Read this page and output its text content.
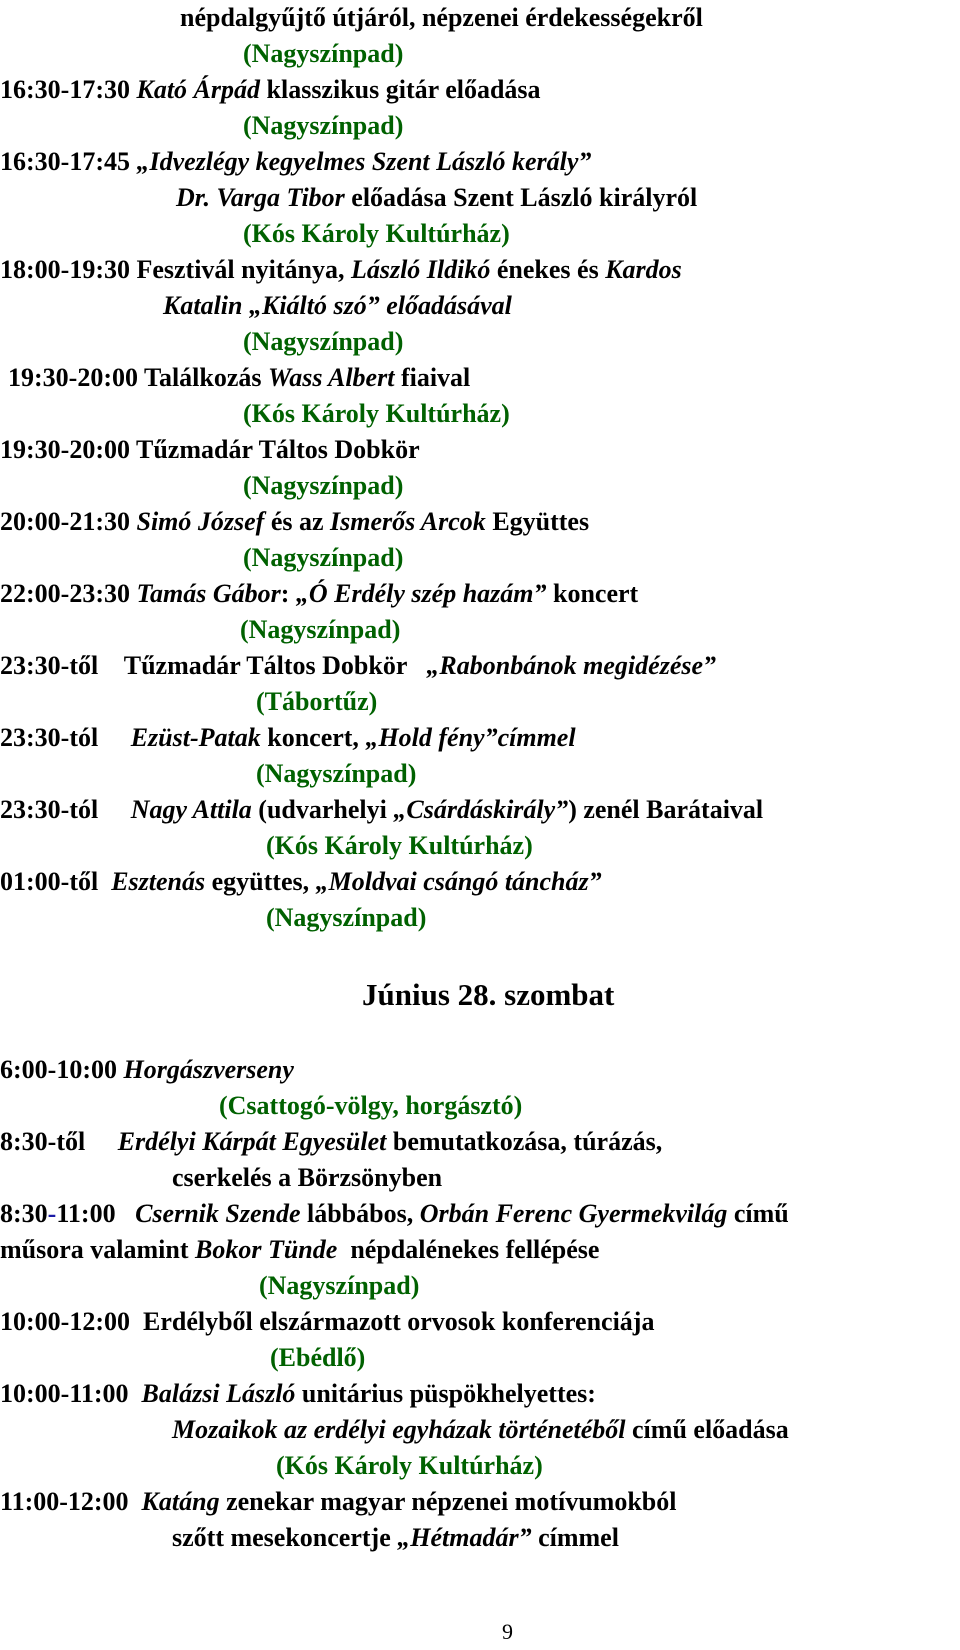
népdalgyűjtő útjáról, népzenei érdekességekről
(Nagyszínpad)
16:30-17:30 Kató Árpád klasszikus gitár előadása
(Nagyszínpad)
16:30-17:45 „Idvezlégy kegyelmes Szent László kerály”
Dr. Varga Tibor előadása Szent László királyról
(Kós Károly Kultúrház)
18:00-19:30 Fesztivál nyitánya, László Ildikó énekes és Kardos
Katalin „Kiáltó szó” előadásával
(Nagyszínpad)
19:30-20:00 Találkozás Wass Albert fiaival
(Kós Károly Kultúrház)
19:30-20:00 Tűzmadár Táltos Dobkör
(Nagyszínpad)
20:00-21:30 Simó József és az Ismerős Arcok Együttes
(Nagyszínpad)
22:00-23:30 Tamás Gábor: „Ó Erdély szép hazám” koncert
(Nagyszínpad)
23:30-től    Tűzmadár Táltos Dobkör   „Rabonbánok megidézése”
(Tábortűz)
23:30-tól     Ezüst-Patak koncert, „Hold fény”címmel
(Nagyszínpad)
23:30-tól     Nagy Attila (udvarhelyi „Csárdáskirály”) zenél Barátaival
(Kós Károly Kultúrház)
01:00-től  Esztenás együttes, „Moldvai csángó táncház”
(Nagyszínpad)
Június 28. szombat
6:00-10:00 Horgászverseny
(Csattogó-völgy, horgásztó)
8:30-től     Erdélyi Kárpát Egyesület bemutatkozása, túrázás,
cserkelés a Börzsönyben
8:30-11:00   Csernik Szende lábbábos, Orbán Ferenc Gyermekvilág című
műsora valamint Bokor Tünde  népdalénekes fellépése
(Nagyszínpad)
10:00-12:00  Erdélyből elszármazott orvosok konferenciája
(Ebédlő)
10:00-11:00  Balázsi László unitárius püspökhelyettes:
Mozaikok az erdélyi egyházak történetéből című előadása
(Kós Károly Kultúrház)
11:00-12:00  Katáng zenekar magyar népzenei motívumokból
szőtt mesekoncertje „Hétmadár” címmel
9
